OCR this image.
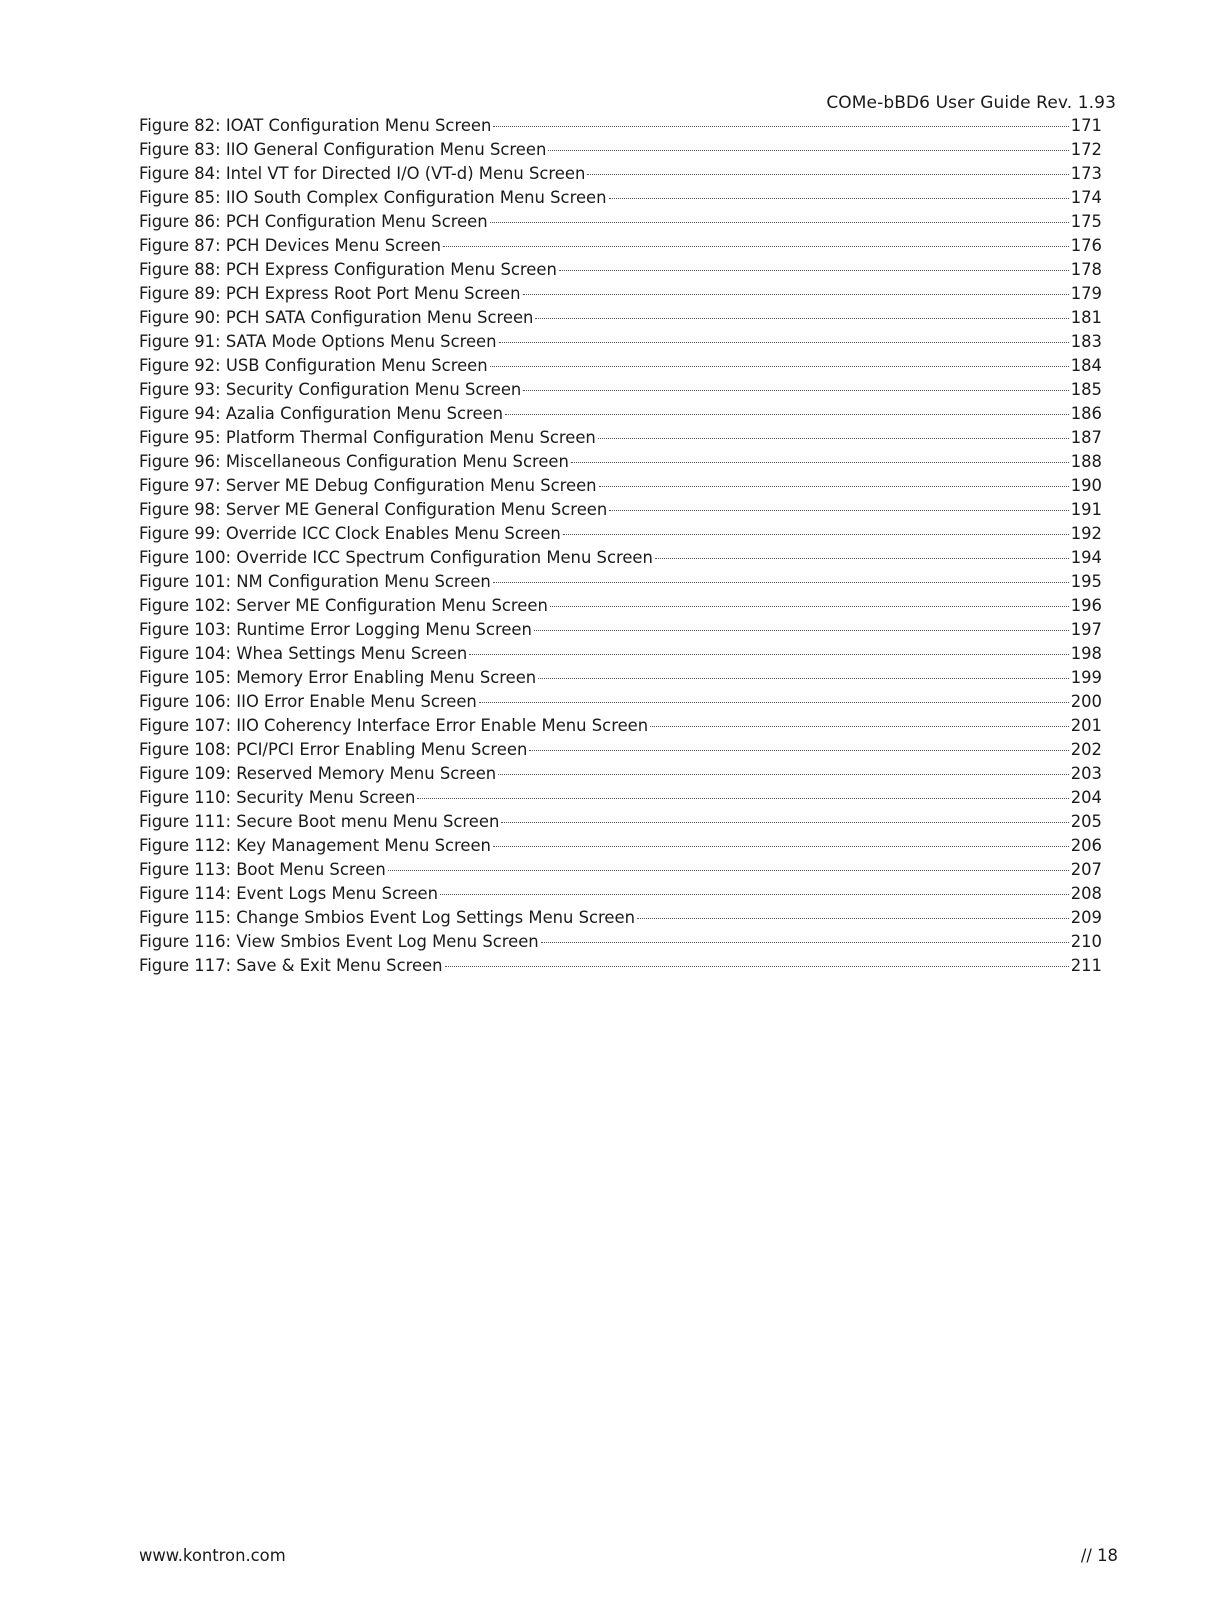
COMe-bBD6 User Guide Rev. 1.93
Figure 82: IOAT Configuration Menu Screen	171
Figure 83: IIO General Configuration Menu Screen	172
Figure 84: Intel VT for Directed I/O (VT-d) Menu Screen	173
Figure 85: IIO South Complex Configuration Menu Screen	174
Figure 86: PCH Configuration Menu Screen	175
Figure 87: PCH Devices Menu Screen	176
Figure 88: PCH Express Configuration Menu Screen	178
Figure 89: PCH Express Root Port Menu Screen	179
Figure 90: PCH SATA Configuration Menu Screen	181
Figure 91: SATA Mode Options Menu Screen	183
Figure 92: USB Configuration Menu Screen	184
Figure 93: Security Configuration Menu Screen	185
Figure 94: Azalia Configuration Menu Screen	186
Figure 95: Platform Thermal Configuration Menu Screen	187
Figure 96: Miscellaneous Configuration Menu Screen	188
Figure 97: Server ME Debug Configuration Menu Screen	190
Figure 98: Server ME General Configuration Menu Screen	191
Figure 99: Override ICC Clock Enables Menu Screen	192
Figure 100: Override ICC Spectrum Configuration Menu Screen	194
Figure 101: NM Configuration Menu Screen	195
Figure 102: Server ME Configuration Menu Screen	196
Figure 103: Runtime Error Logging Menu Screen	197
Figure 104: Whea Settings Menu Screen	198
Figure 105: Memory Error Enabling Menu Screen	199
Figure 106: IIO Error Enable Menu Screen	200
Figure 107: IIO Coherency Interface Error Enable Menu Screen	201
Figure 108: PCI/PCI Error Enabling Menu Screen	202
Figure 109: Reserved Memory Menu Screen	203
Figure 110: Security Menu Screen	204
Figure 111: Secure Boot menu Menu Screen	205
Figure 112: Key Management Menu Screen	206
Figure 113: Boot Menu Screen	207
Figure 114: Event Logs Menu Screen	208
Figure 115: Change Smbios Event Log Settings Menu Screen	209
Figure 116: View Smbios Event Log Menu Screen	210
Figure 117: Save & Exit Menu Screen	211
www.kontron.com	// 18
